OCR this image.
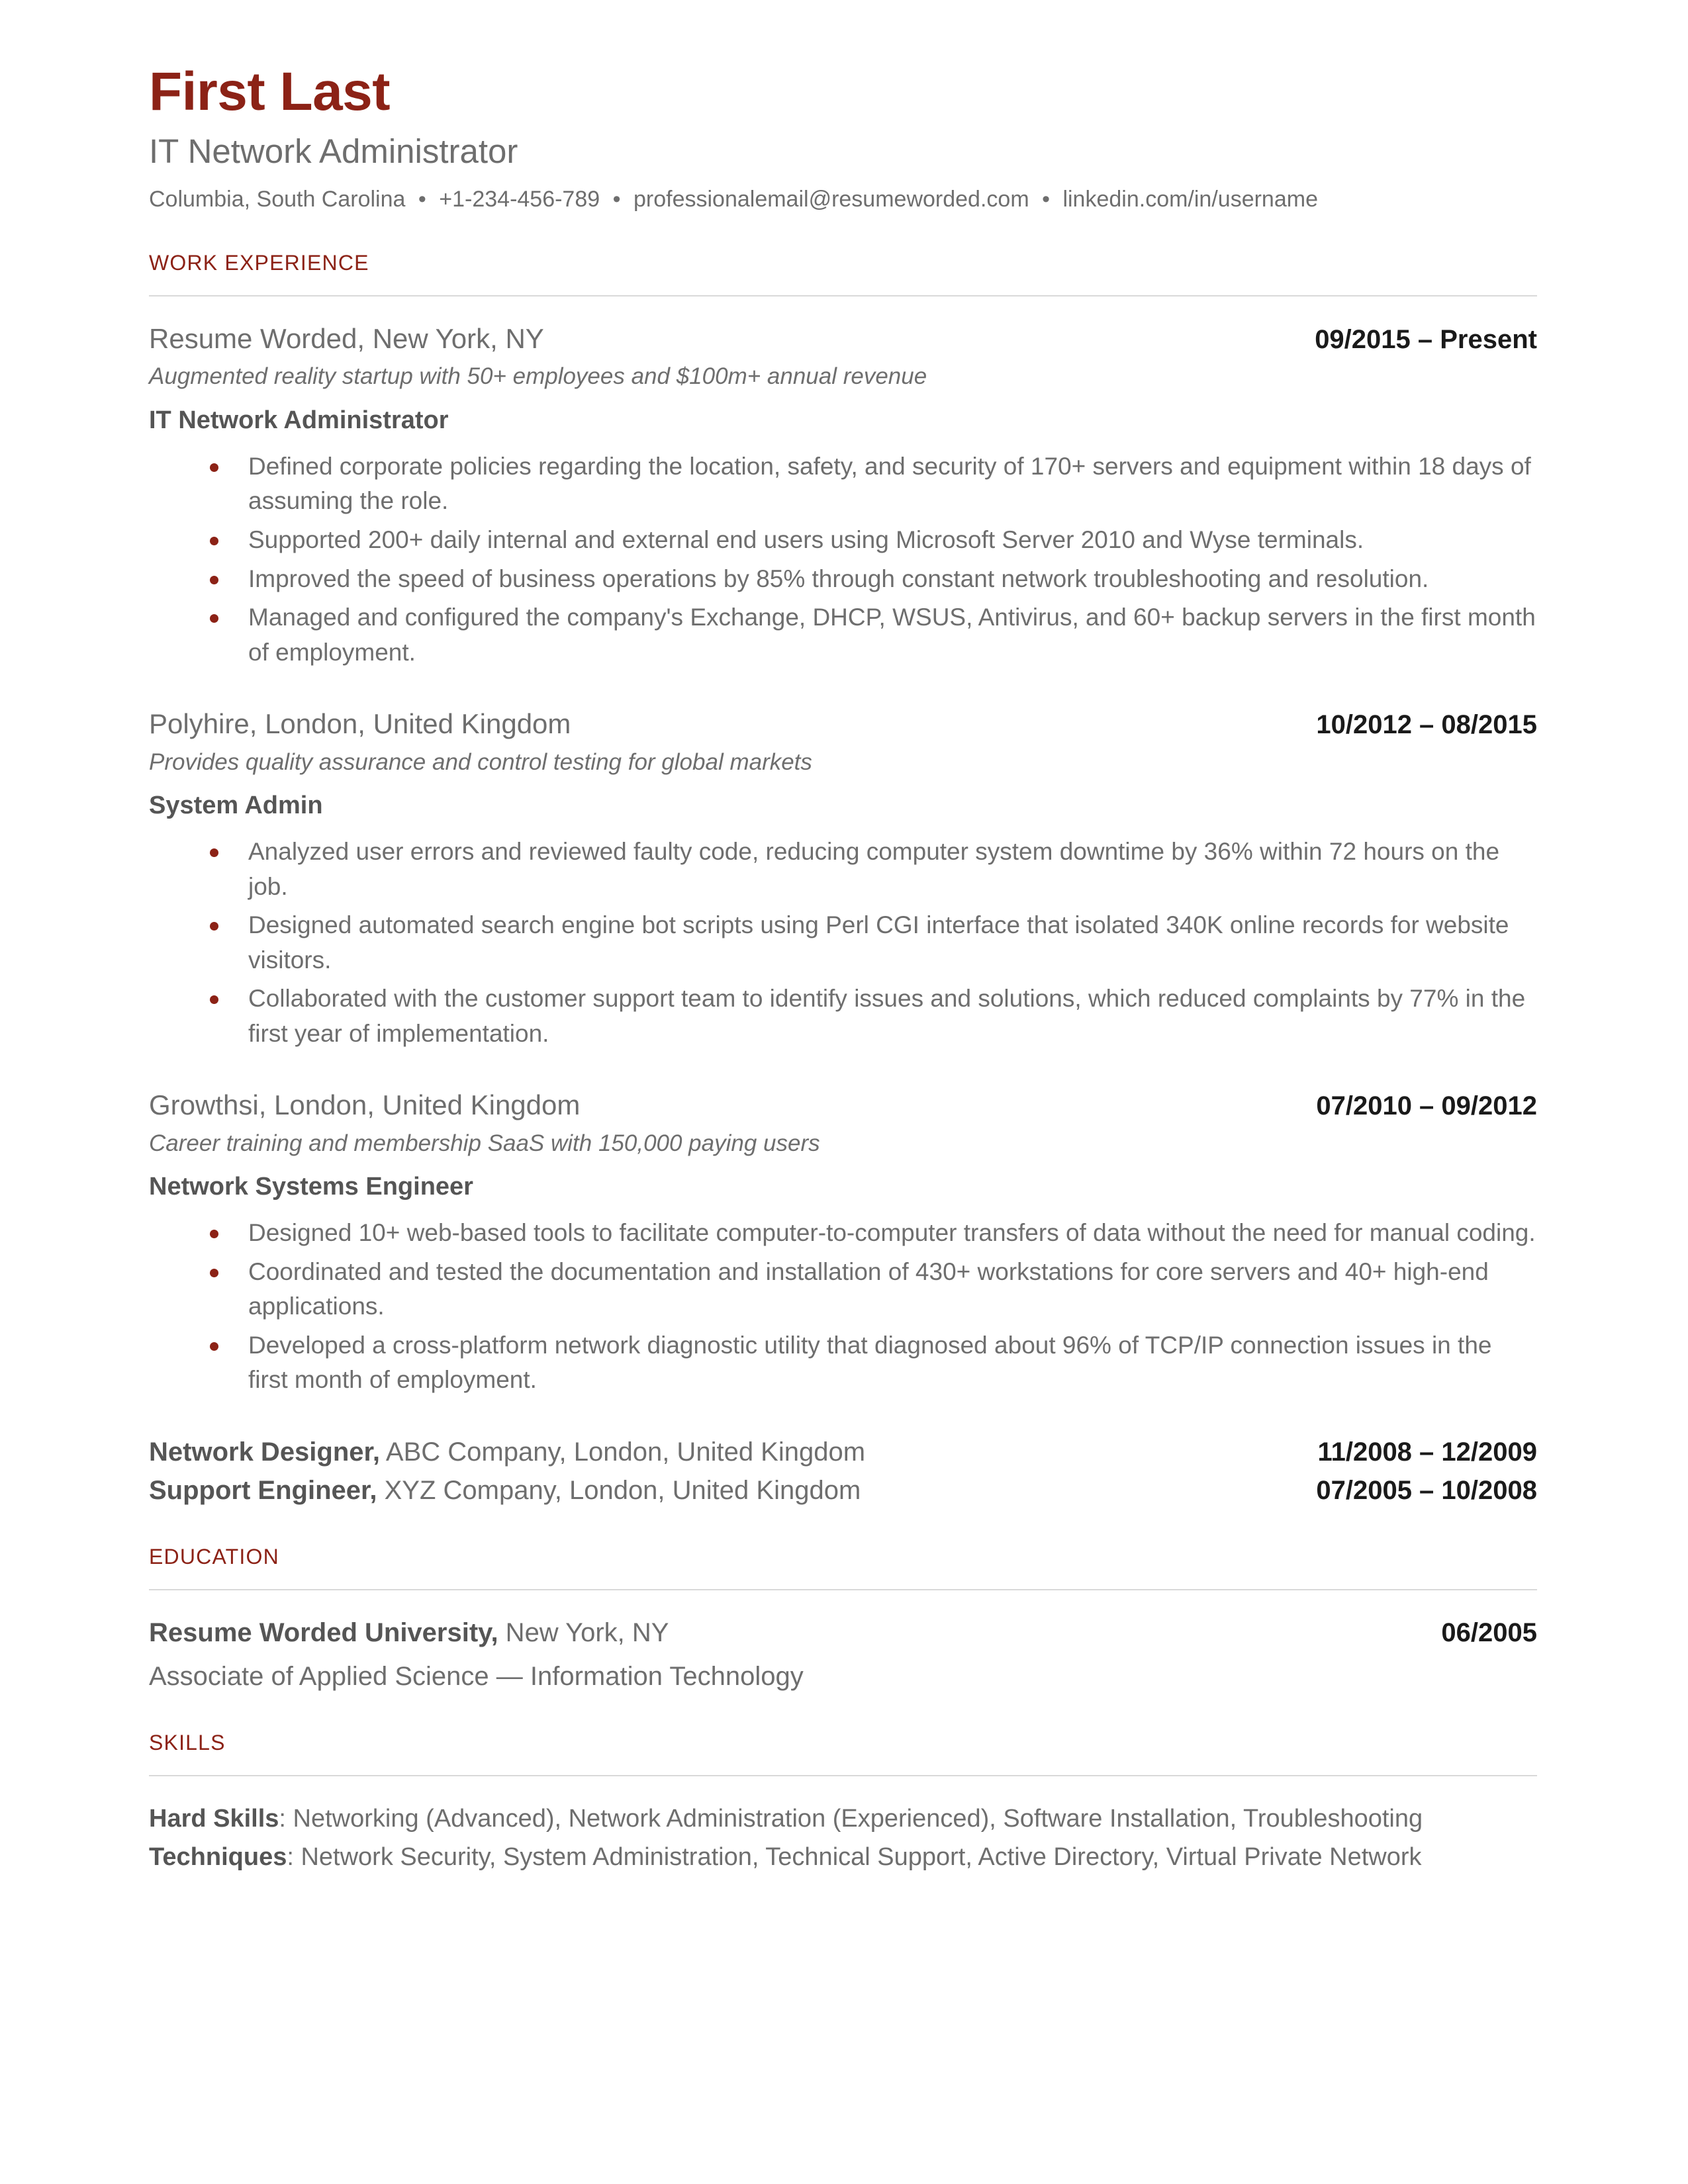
First Last
IT Network Administrator
Columbia, South Carolina • +1-234-456-789 • professionalemail@resumeworded.com • linkedin.com/in/username
WORK EXPERIENCE
Resume Worded, New York, NY	09/2015 – Present
Augmented reality startup with 50+ employees and $100m+ annual revenue
IT Network Administrator
Defined corporate policies regarding the location, safety, and security of 170+ servers and equipment within 18 days of assuming the role.
Supported 200+ daily internal and external end users using Microsoft Server 2010 and Wyse terminals.
Improved the speed of business operations by 85% through constant network troubleshooting and resolution.
Managed and configured the company's Exchange, DHCP, WSUS, Antivirus, and 60+ backup servers in the first month of employment.
Polyhire, London, United Kingdom	10/2012 – 08/2015
Provides quality assurance and control testing for global markets
System Admin
Analyzed user errors and reviewed faulty code, reducing computer system downtime by 36% within 72 hours on the job.
Designed automated search engine bot scripts using Perl CGI interface that isolated 340K online records for website visitors.
Collaborated with the customer support team to identify issues and solutions, which reduced complaints by 77% in the first year of implementation.
Growthsi, London, United Kingdom	07/2010 – 09/2012
Career training and membership SaaS with 150,000 paying users
Network Systems Engineer
Designed 10+ web-based tools to facilitate computer-to-computer transfers of data without the need for manual coding.
Coordinated and tested the documentation and installation of 430+ workstations for core servers and 40+ high-end applications.
Developed a cross-platform network diagnostic utility that diagnosed about 96% of TCP/IP connection issues in the first month of employment.
Network Designer, ABC Company, London, United Kingdom	11/2008 – 12/2009
Support Engineer, XYZ Company, London, United Kingdom	07/2005 – 10/2008
EDUCATION
Resume Worded University, New York, NY	06/2005
Associate of Applied Science — Information Technology
SKILLS
Hard Skills: Networking (Advanced), Network Administration (Experienced), Software Installation, Troubleshooting
Techniques: Network Security, System Administration, Technical Support, Active Directory, Virtual Private Network
